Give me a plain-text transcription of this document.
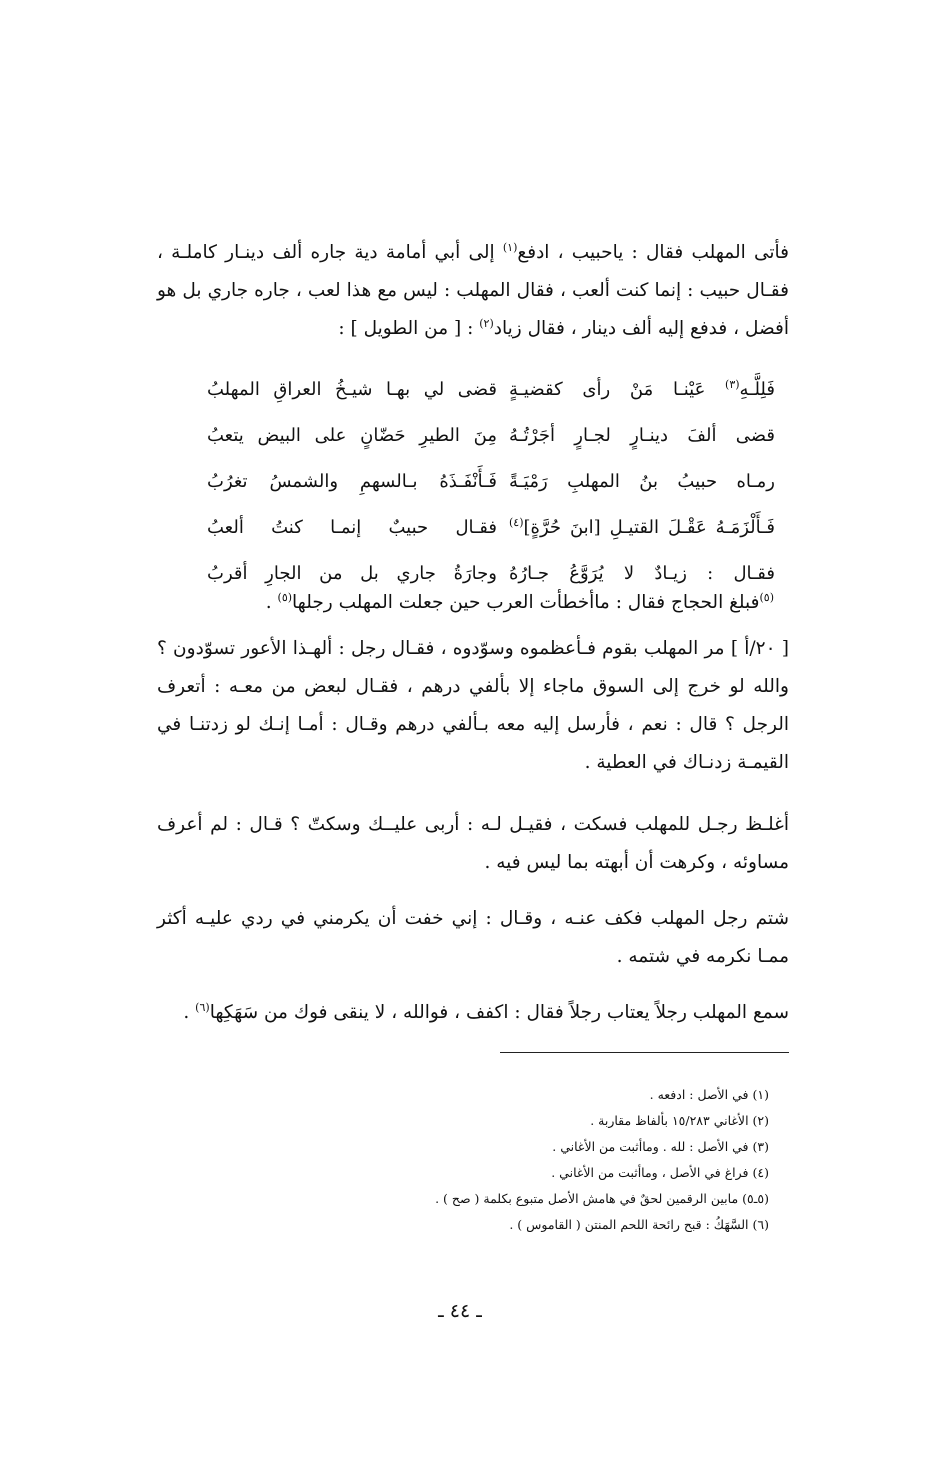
فأتى المهلب فقال : ياحبيب ، ادفع$^{(١)}$ إلى أبي أمامة دية جاره ألف دينـار كاملـة ، فقـال حبيب : إنما كنت ألعب ، فقال المهلب : ليس مع هذا لعب ، جاره جاري بل هو أفضل ، فدفع إليه ألف دينار ، فقال زياد$^{(٢)}$ : [ من الطويل ] :

فَلِلَّـهِ$^{(٣)}$ عَيْنـا مَنْ رأى كقضيـةٍ
قضى لي بهـا شيـخُ العراقِ المهلبُ
قضى ألفَ دينـارٍ لجـارٍ أجَرْتُـهُ
مِنَ الطيرِ حَضّانٍ على البيض يتعبُ
رمـاه حبيبُ بنُ المهلبِ رَمْيَـةً
فَـأَنْفَـذَهُ بـالسهمِ والشمسُ تغرُبُ
فَـأَلْزَمَـهُ عَقْـلَ القتيـلِ [ابنَ حُرَّةٍ]$^{(٤)}$
فقـال حبيبٌ إنمـا كنتُ ألعبُ
فقـال : زيـادٌ لا يُرَوَّعُ جـارُهُ
وجارَةُ جاري بل من الجارِ أقربُ
$^{(٥)}$فبلغ الحجاج فقال : ماأخطأت العرب حين جعلت المهلب رجلها$^{(٥)}$ .

[ ٢٠/أ ] مر المهلب بقوم فـأعظموه وسوّدوه ، فقـال رجل : ألهـذا الأعور تسوّدون ؟ والله لو خرج إلى السوق ماجاء إلا بألفي درهم ، فقـال لبعض من معـه : أتعرف الرجل ؟ قال : نعم ، فأرسل إليه معه بـألفي درهم وقـال : أمـا إنـك لو زدتنـا في القيمـة زدنـاك في العطية .

أغلـظ رجـل للمهلب فسكت ، فقيـل لـه : أربى عليــك وسكتّ ؟ قـال : لم أعرف مساوئه ، وكرهت أن أبهته بما ليس فيه .

شتم رجل المهلب فكف عنـه ، وقـال : إني خفت أن يكرمني في ردي عليـه أكثر ممـا نكرمه في شتمه .

سمع المهلب رجلاً يعتاب رجلاً فقال : اكفف ، فوالله ، لا ينقى فوك من سَهَكِها$^{(٦)}$ .

(١) في الأصل : ادفعه .
(٢) الأغاني ١٥/٢٨٣ بألفاظ مقاربة .
(٣) في الأصل : لله . وماأثبت من الأغاني .
(٤) فراغ في الأصل ، وماأثبت من الأغاني .
(٥ـ٥) مابين الرقمين لحقٌ في هامش الأصل متبوع بكلمة ( صح ) .
(٦) السَّهَكُ : قبح رائحة اللحم المنتن ( القاموس ) .
ـ ٤٤ ـ
